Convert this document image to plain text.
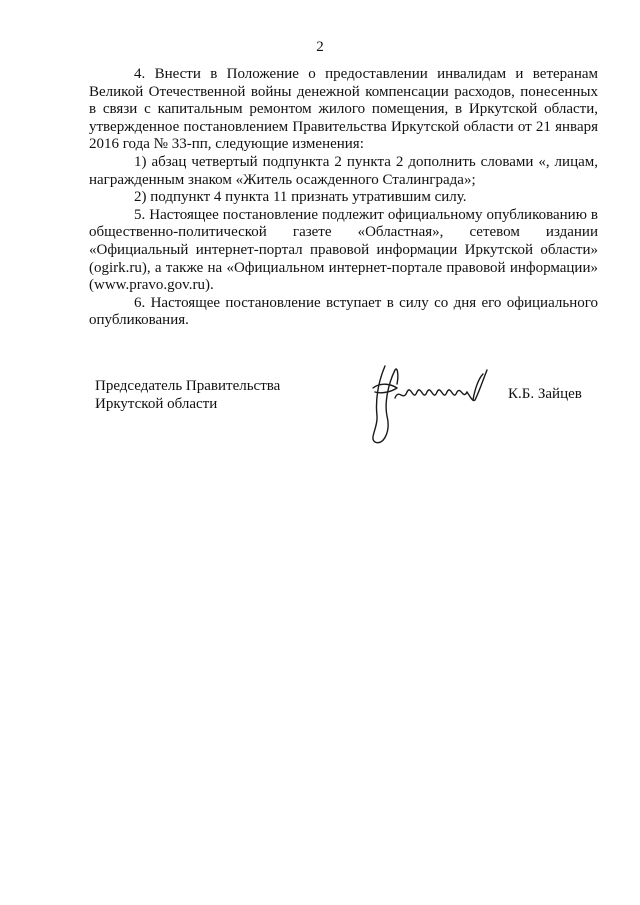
2

4. Внести в Положение о предоставлении инвалидам и ветеранам Великой Отечественной войны денежной компенсации расходов, понесенных в связи с капитальным ремонтом жилого помещения, в Иркутской области, утвержденное постановлением Правительства Иркутской области от 21 января 2016 года № 33-пп, следующие изменения:

1) абзац четвертый подпункта 2 пункта 2 дополнить словами «, лицам, награжденным знаком «Житель осажденного Сталинграда»;

2) подпункт 4 пункта 11 признать утратившим силу.

5. Настоящее постановление подлежит официальному опубликованию в общественно-политической газете «Областная», сетевом издании «Официальный интернет-портал правовой информации Иркутской области» (ogirk.ru), а также на «Официальном интернет-портале правовой информации» (www.pravo.gov.ru).

6. Настоящее постановление вступает в силу со дня его официального опубликования.

Председатель Правительства
Иркутской области
К.Б. Зайцев
